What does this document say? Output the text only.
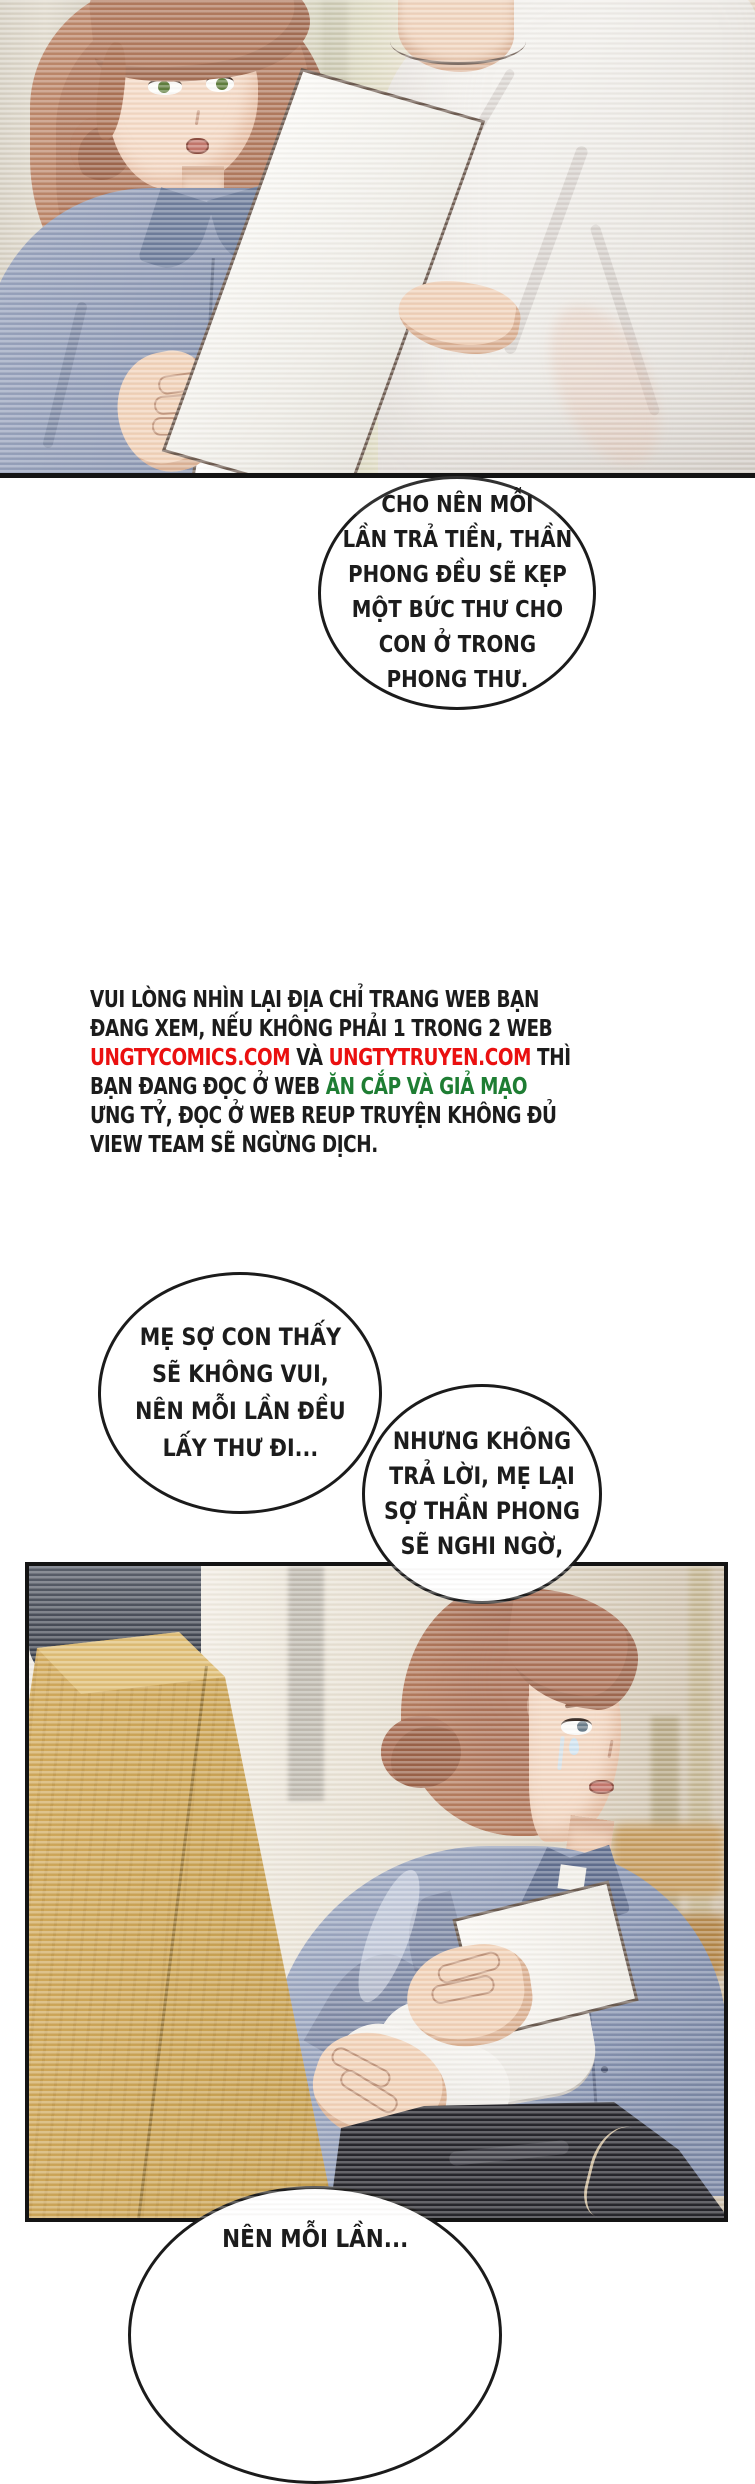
CHO NÊN MỖI
LẦN TRẢ TIỀN, THẦN
PHONG ĐỀU SẼ KẸP
MỘT BỨC THƯ CHO
CON Ở TRONG
PHONG THƯ.
VUI LÒNG NHÌN LẠI ĐỊA CHỈ TRANG WEB BẠN
ĐANG XEM, NẾU KHÔNG PHẢI 1 TRONG 2 WEB
UNGTYCOMICS.COM VÀ UNGTYTRUYEN.COM THÌ
BẠN ĐANG ĐỌC Ở WEB ĂN CẮP VÀ GIẢ MẠO
ƯNG TỶ, ĐỌC Ở WEB REUP TRUYỆN KHÔNG ĐỦ
VIEW TEAM SẼ NGỪNG DỊCH.
MẸ SỢ CON THẤY
SẼ KHÔNG VUI,
NÊN MỖI LẦN ĐỀU
LẤY THƯ ĐI...	NHƯNG KHÔNG
TRẢ LỜI, MẸ LẠI
SỢ THẦN PHONG
SẼ NGHI NGỜ,
NÊN MỖI LẦN...
